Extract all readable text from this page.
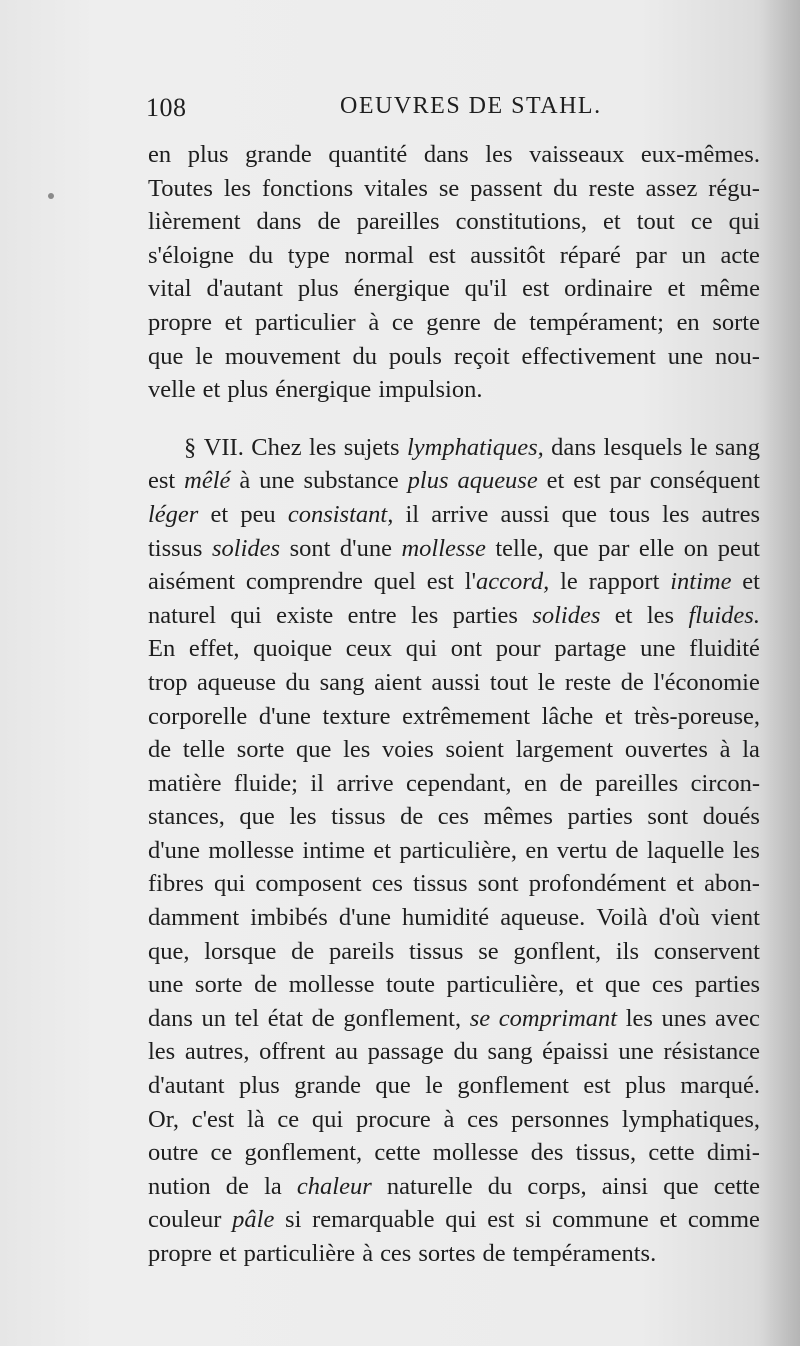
108	OEUVRES DE STAHL.
en plus grande quantité dans les vaisseaux eux-mêmes.
Toutes les fonctions vitales se passent du reste assez régu-
lièrement dans de pareilles constitutions, et tout ce qui
s'éloigne du type normal est aussitôt réparé par un acte
vital d'autant plus énergique qu'il est ordinaire et même
propre et particulier à ce genre de tempérament; en sorte
que le mouvement du pouls reçoit effectivement une nou-
velle et plus énergique impulsion.
§ VII. Chez les sujets lymphatiques, dans lesquels le sang
est mêlé à une substance plus aqueuse et est par conséquent
léger et peu consistant, il arrive aussi que tous les autres
tissus solides sont d'une mollesse telle, que par elle on peut
aisément comprendre quel est l'accord, le rapport intime et
naturel qui existe entre les parties solides et les fluides.
En effet, quoique ceux qui ont pour partage une fluidité
trop aqueuse du sang aient aussi tout le reste de l'économie
corporelle d'une texture extrêmement lâche et très-poreuse,
de telle sorte que les voies soient largement ouvertes à la
matière fluide; il arrive cependant, en de pareilles circon-
stances, que les tissus de ces mêmes parties sont doués
d'une mollesse intime et particulière, en vertu de laquelle les
fibres qui composent ces tissus sont profondément et abon-
damment imbibés d'une humidité aqueuse. Voilà d'où vient
que, lorsque de pareils tissus se gonflent, ils conservent
une sorte de mollesse toute particulière, et que ces parties
dans un tel état de gonflement, se comprimant les unes avec
les autres, offrent au passage du sang épaissi une résistance
d'autant plus grande que le gonflement est plus marqué.
Or, c'est là ce qui procure à ces personnes lymphatiques,
outre ce gonflement, cette mollesse des tissus, cette dimi-
nution de la chaleur naturelle du corps, ainsi que cette
couleur pâle si remarquable qui est si commune et comme
propre et particulière à ces sortes de tempéraments.
